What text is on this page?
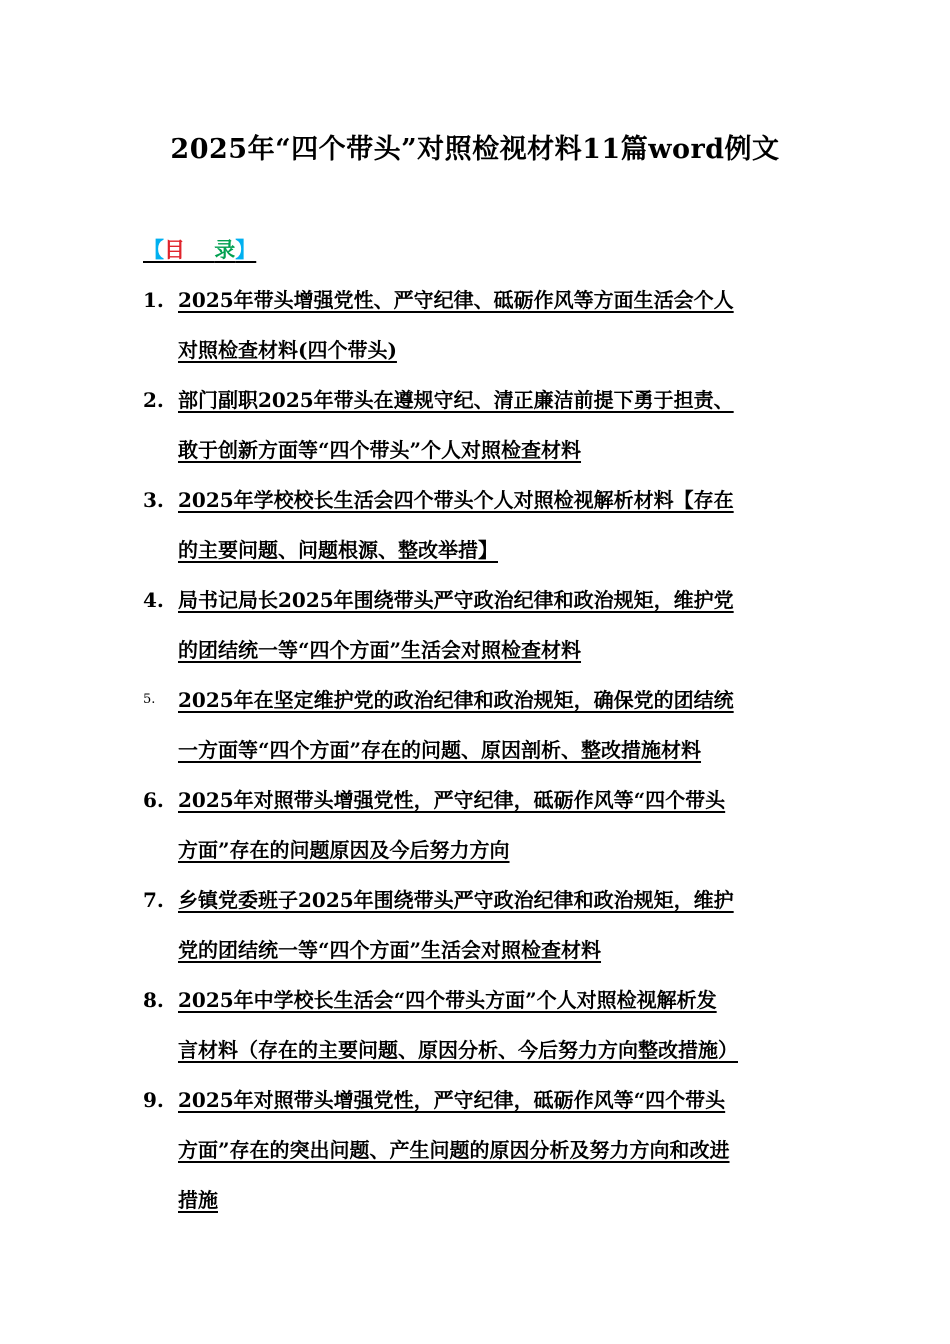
2025年“四个带头”对照检视材料11篇word例文
【目 录】
1. 2025年带头增强党性、严守纪律、砥砺作风等方面生活会个人
对照检查材料(四个带头)
2. 部门副职2025年带头在遵规守纪、清正廉洁前提下勇于担责、
敢于创新方面等“四个带头”个人对照检查材料
3. 2025年学校校长生活会四个带头个人对照检视解析材料【存在
的主要问题、问题根源、整改举措】
4. 局书记局长2025年围绕带头严守政治纪律和政治规矩，维护党
的团结统一等“四个方面”生活会对照检查材料
5. 2025年在坚定维护党的政治纪律和政治规矩，确保党的团结统
一方面等“四个方面”存在的问题、原因剖析、整改措施材料
6. 2025年对照带头增强党性，严守纪律，砥砺作风等“四个带头
方面”存在的问题原因及今后努力方向
7. 乡镇党委班子2025年围绕带头严守政治纪律和政治规矩，维护
党的团结统一等“四个方面”生活会对照检查材料
8. 2025年中学校长生活会“四个带头方面”个人对照检视解析发
言材料（存在的主要问题、原因分析、今后努力方向整改措施）
9. 2025年对照带头增强党性，严守纪律，砥砺作风等“四个带头
方面”存在的突出问题、产生问题的原因分析及努力方向和改进
措施
